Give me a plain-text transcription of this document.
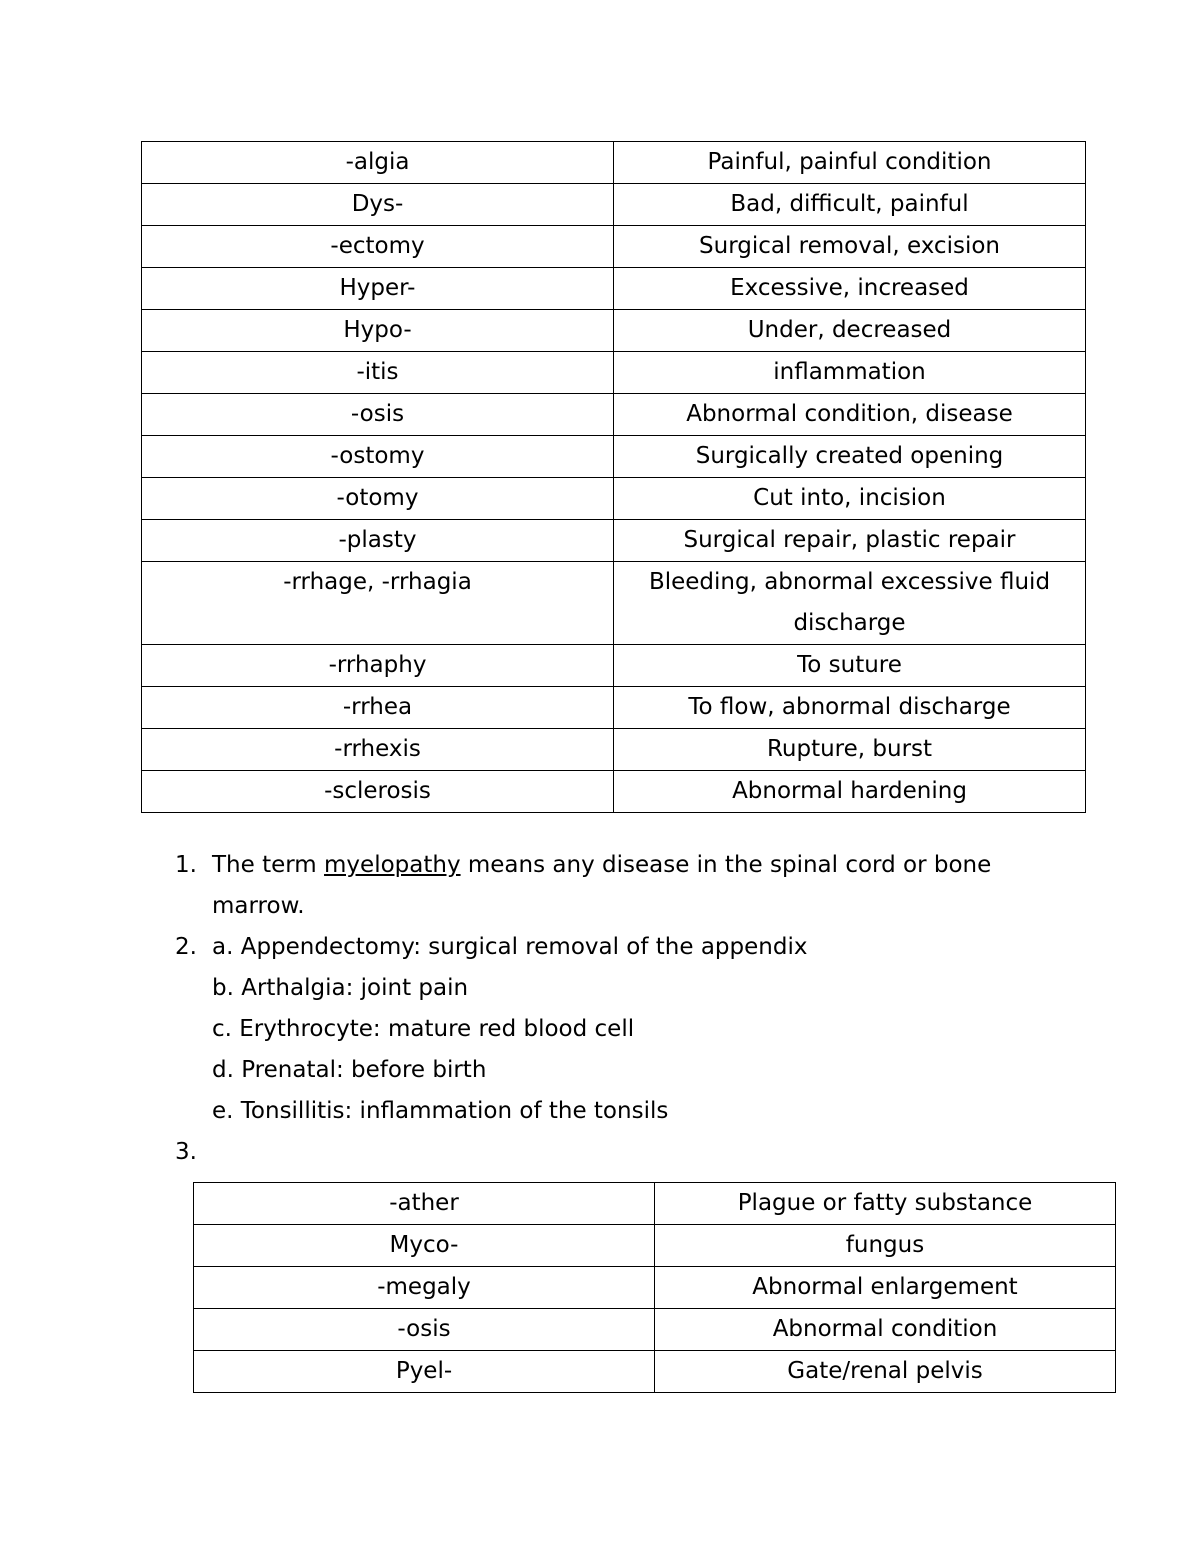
-algia	Painful, painful condition
Dys-	Bad, difficult, painful
-ectomy	Surgical removal, excision
Hyper-	Excessive, increased
Hypo-	Under, decreased
-itis	inflammation
-osis	Abnormal condition, disease
-ostomy	Surgically created opening
-otomy	Cut into, incision
-plasty	Surgical repair, plastic repair
-rrhage, -rrhagia	Bleeding, abnormal excessive fluid discharge
-rrhaphy	To suture
-rrhea	To flow, abnormal discharge
-rrhexis	Rupture, burst
-sclerosis	Abnormal hardening
1. The term myelopathy means any disease in the spinal cord or bone marrow.
2. a. Appendectomy: surgical removal of the appendix
b. Arthalgia: joint pain
c. Erythrocyte: mature red blood cell
d. Prenatal: before birth
e. Tonsillitis: inflammation of the tonsils
3.
-ather	Plague or fatty substance
Myco-	fungus
-megaly	Abnormal enlargement
-osis	Abnormal condition
Pyel-	Gate/renal pelvis
